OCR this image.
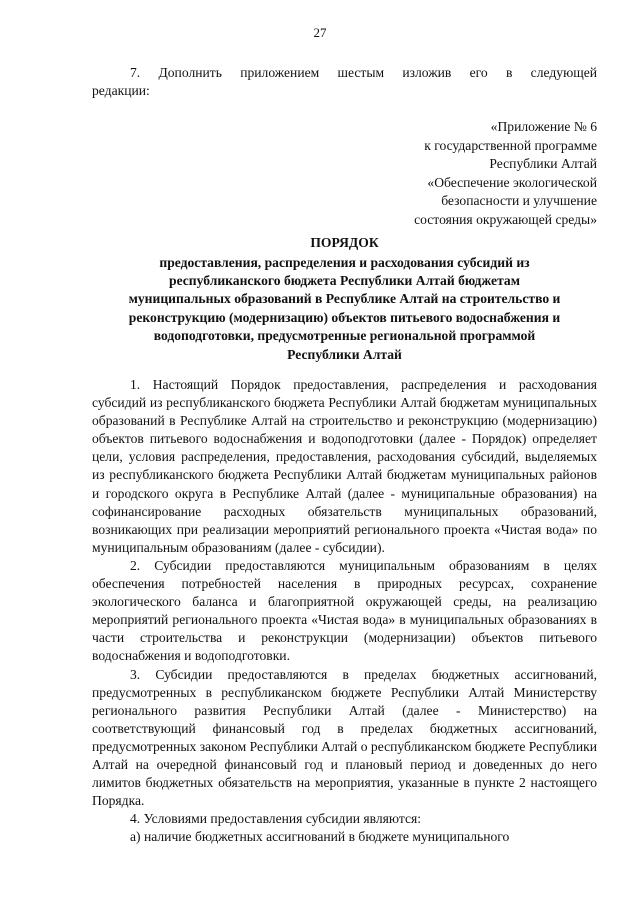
27
7. Дополнить приложением шестым изложив его в следующей
редакции:
«Приложение № 6
к государственной программе
Республики Алтай
«Обеспечение экологической
безопасности и улучшение
состояния окружающей среды»
ПОРЯДОК
предоставления, распределения и расходования субсидий из
республиканского бюджета Республики Алтай бюджетам
муниципальных образований в Республике Алтай на строительство и
реконструкцию (модернизацию) объектов питьевого водоснабжения и
водоподготовки, предусмотренные региональной программой
Республики Алтай

1. Настоящий Порядок предоставления, распределения и расходования субсидий из республиканского бюджета Республики Алтай бюджетам муниципальных образований в Республике Алтай на строительство и реконструкцию (модернизацию) объектов питьевого водоснабжения и водоподготовки (далее - Порядок) определяет цели, условия распределения, предоставления, расходования субсидий, выделяемых из республиканского бюджета Республики Алтай бюджетам муниципальных районов и городского округа в Республике Алтай (далее - муниципальные образования) на софинансирование расходных обязательств муниципальных образований, возникающих при реализации мероприятий регионального проекта «Чистая вода» по муниципальным образованиям (далее - субсидии).

2. Субсидии предоставляются муниципальным образованиям в целях обеспечения потребностей населения в природных ресурсах, сохранение экологического баланса и благоприятной окружающей среды, на реализацию мероприятий регионального проекта «Чистая вода» в муниципальных образованиях в части строительства и реконструкции (модернизации) объектов питьевого водоснабжения и водоподготовки.

3. Субсидии предоставляются в пределах бюджетных ассигнований, предусмотренных в республиканском бюджете Республики Алтай Министерству регионального развития Республики Алтай (далее - Министерство) на соответствующий финансовый год в пределах бюджетных ассигнований, предусмотренных законом Республики Алтай о республиканском бюджете Республики Алтай на очередной финансовый год и плановый период и доведенных до него лимитов бюджетных обязательств на мероприятия, указанные в пункте 2 настоящего Порядка.

4. Условиями предоставления субсидии являются:

а) наличие бюджетных ассигнований в бюджете муниципального
